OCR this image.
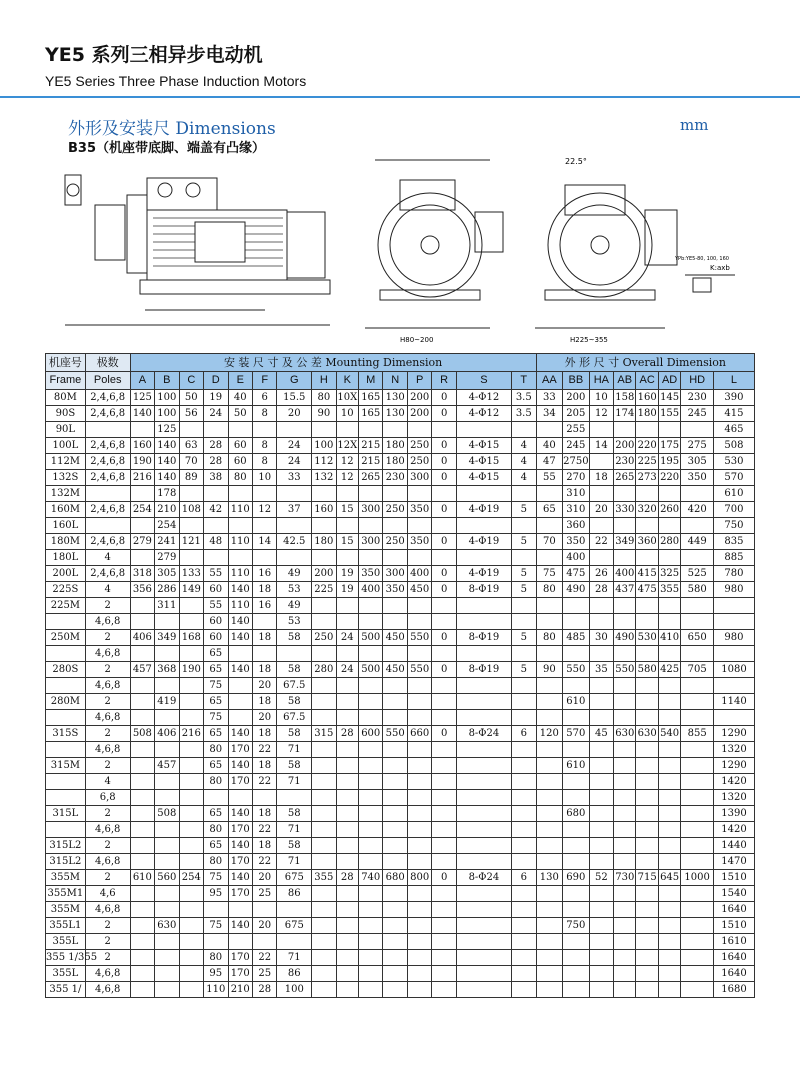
YE5 系列三相异步电动机
YE5 Series Three Phase Induction Motors
外形及安装尺 Dimensions	mm
B35（机座带底脚、端盖有凸缘）
H80~200	H225~355
22.5°
K:axb
YPb:YE5-80, 100, 160
机座号	极数	安 装 尺 寸 及 公 差 Mounting Dimension															外 形 尺 寸 Overall Dimension							
Frame	Poles	A	B	C	D	E	F	G	H	K	M	N	P	R	S	T	AA	BB	HA	AB	AC	AD	HD	L
80M	2,4,6,8	125	100	50	19	40	6	15.5	80	10X	165	130	200	0	4-Φ12	3.5	33	200	10	158	160	145	230	390
90S	2,4,6,8	140	100	56	24	50	8	20	90	10	165	130	200	0	4-Φ12	3.5	34	205	12	174	180	155	245	415
90L			125															255						465
100L	2,4,6,8	160	140	63	28	60	8	24	100	12X	215	180	250	0	4-Φ15	4	40	245	14	200	220	175	275	508
112M	2,4,6,8	190	140	70	28	60	8	24	112	12	215	180	250	0	4-Φ15	4	47	2750		230	225	195	305	530
132S	2,4,6,8	216	140	89	38	80	10	33	132	12	265	230	300	0	4-Φ15	4	55	270	18	265	273	220	350	570
132M			178															310						610
160M	2,4,6,8	254	210	108	42	110	12	37	160	15	300	250	350	0	4-Φ19	5	65	310	20	330	320	260	420	700
160L			254															360						750
180M	2,4,6,8	279	241	121	48	110	14	42.5	180	15	300	250	350	0	4-Φ19	5	70	350	22	349	360	280	449	835
180L	4		279															400						885
200L	2,4,6,8	318	305	133	55	110	16	49	200	19	350	300	400	0	4-Φ19	5	75	475	26	400	415	325	525	780
225S	4	356	286	149	60	140	18	53	225	19	400	350	450	0	8-Φ19	5	80	490	28	437	475	355	580	980
225M	2		311		55	110	16	49																
	4,6,8				60	140		53																
250M	2	406	349	168	60	140	18	58	250	24	500	450	550	0	8-Φ19	5	80	485	30	490	530	410	650	980
	4,6,8				65																			
280S	2	457	368	190	65	140	18	58	280	24	500	450	550	0	8-Φ19	5	90	550	35	550	580	425	705	1080
	4,6,8				75		20	67.5																
280M	2		419		65		18	58										610						1140
	4,6,8				75		20	67.5																
315S	2	508	406	216	65	140	18	58	315	28	600	550	660	0	8-Φ24	6	120	570	45	630	630	540	855	1290
	4,6,8				80	170	22	71																1320
315M	2		457		65	140	18	58										610						1290
	4				80	170	22	71																1420
	6,8																							1320
315L	2		508		65	140	18	58										680						1390
	4,6,8				80	170	22	71																1420
315L2	2				65	140	18	58																1440
315L2	4,6,8				80	170	22	71																1470
355M	2	610	560	254	75	140	20	675	355	28	740	680	800	0	8-Φ24	6	130	690	52	730	715	645	1000	1510
355M1	4,6				95	170	25	86																1540
355M	4,6,8																							1640
355L1	2		630		75	140	20	675										750						1510
355L	2																							1610
355 1/355	2				80	170	22	71																1640
355L	4,6,8				95	170	25	86																1640
355 1/	4,6,8				110	210	28	100																1680
